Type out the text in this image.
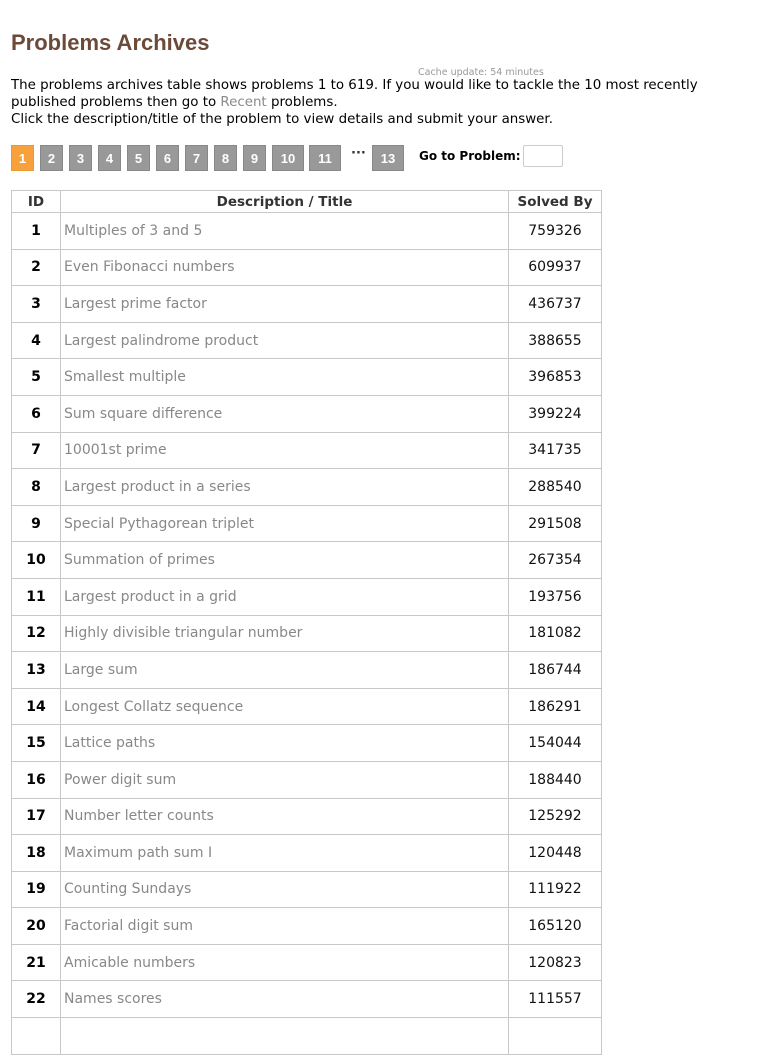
Problems Archives
Cache update: 54 minutes
The problems archives table shows problems 1 to 619. If you would like to tackle the 10 most recently published problems then go to Recent problems.
Click the description/title of the problem to view details and submit your answer.
1	2	3	4	5	6	7	8	9	10	11	···	13	Go to Problem:
ID	Description / Title	Solved By
1	Multiples of 3 and 5	759326
2	Even Fibonacci numbers	609937
3	Largest prime factor	436737
4	Largest palindrome product	388655
5	Smallest multiple	396853
6	Sum square difference	399224
7	10001st prime	341735
8	Largest product in a series	288540
9	Special Pythagorean triplet	291508
10	Summation of primes	267354
11	Largest product in a grid	193756
12	Highly divisible triangular number	181082
13	Large sum	186744
14	Longest Collatz sequence	186291
15	Lattice paths	154044
16	Power digit sum	188440
17	Number letter counts	125292
18	Maximum path sum I	120448
19	Counting Sundays	111922
20	Factorial digit sum	165120
21	Amicable numbers	120823
22	Names scores	111557
